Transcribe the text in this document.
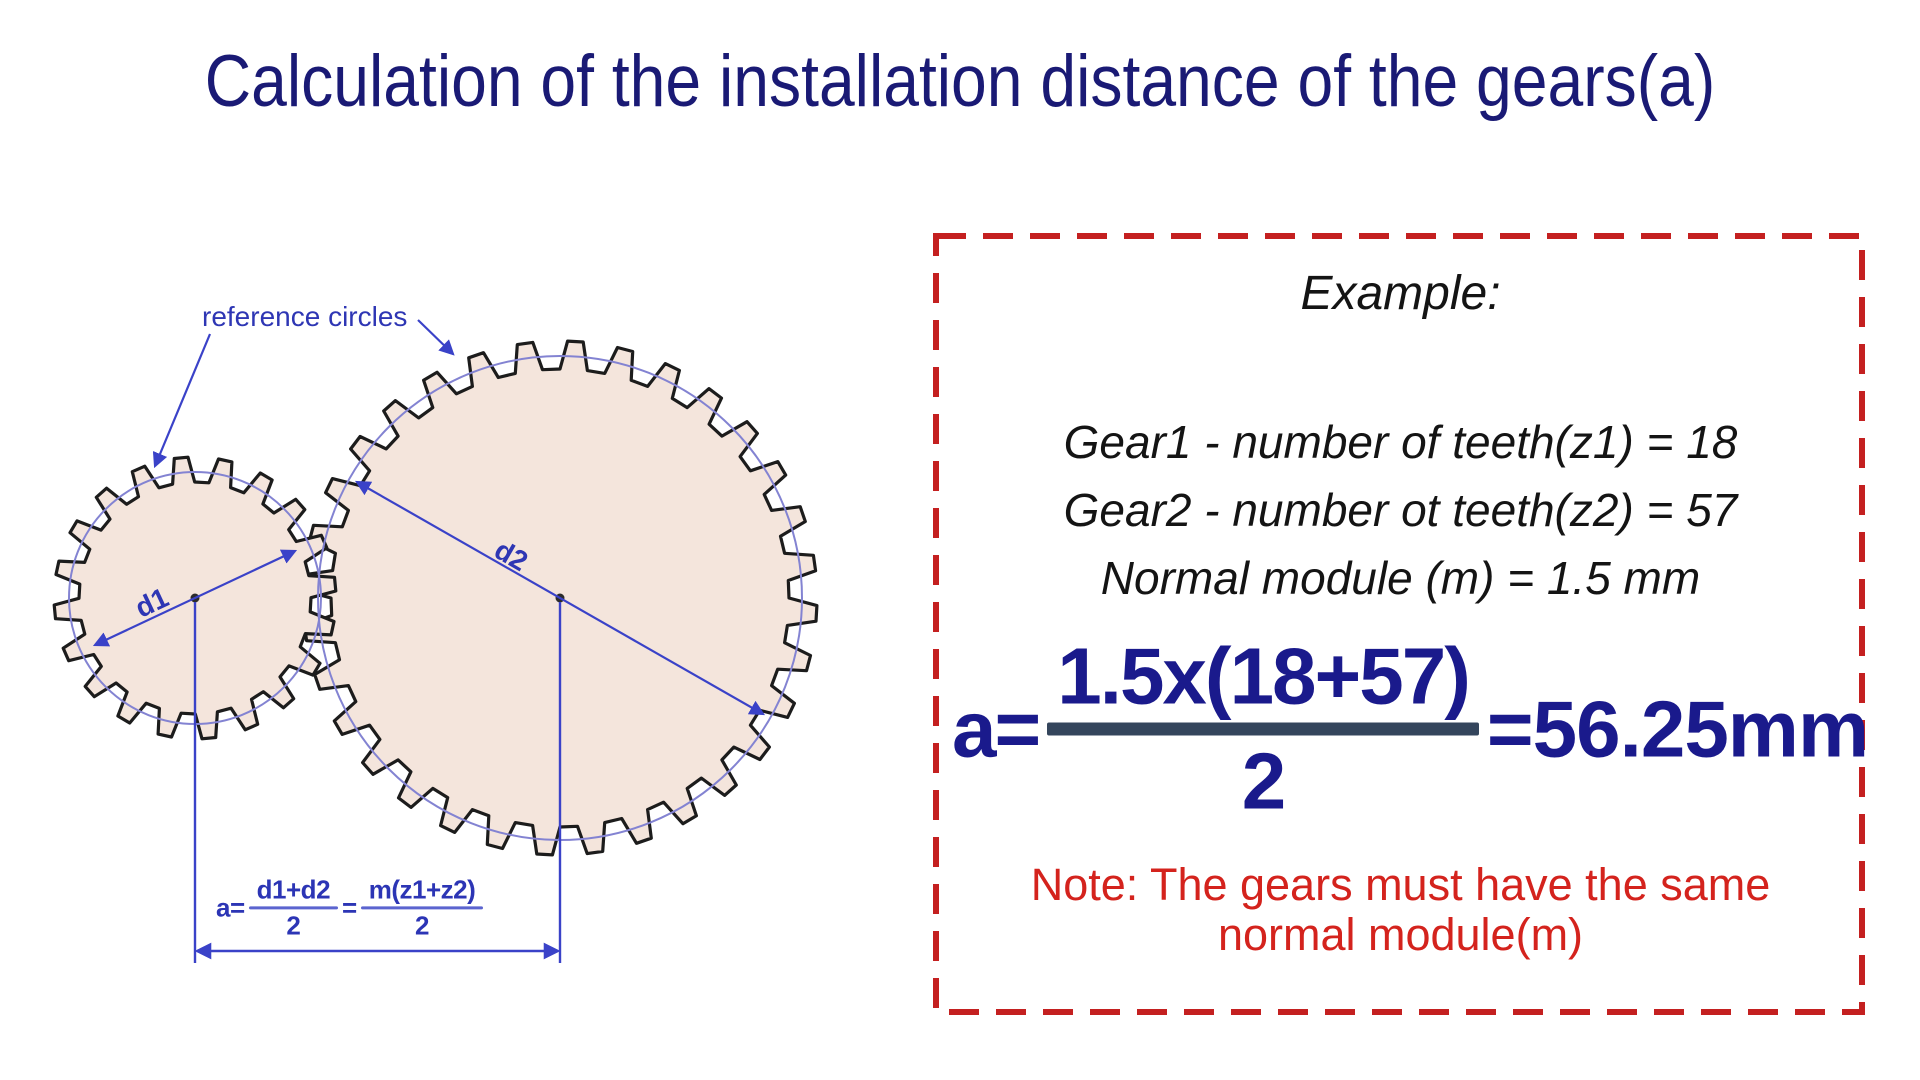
Calculation of the installation distance of the gears(a)
reference circles
d1
d2
$a= \frac{d1+d2}{2} = \frac{m(z1+z2)}{2}$
Example:
Gear1 - number of teeth(z1) = 18
Gear2 - number ot teeth(z2) = 57
Normal module (m) = 1.5 mm
a=
1.5x(18+57)
2
=56.25mm
Note: The gears must have the same
normal module(m)
